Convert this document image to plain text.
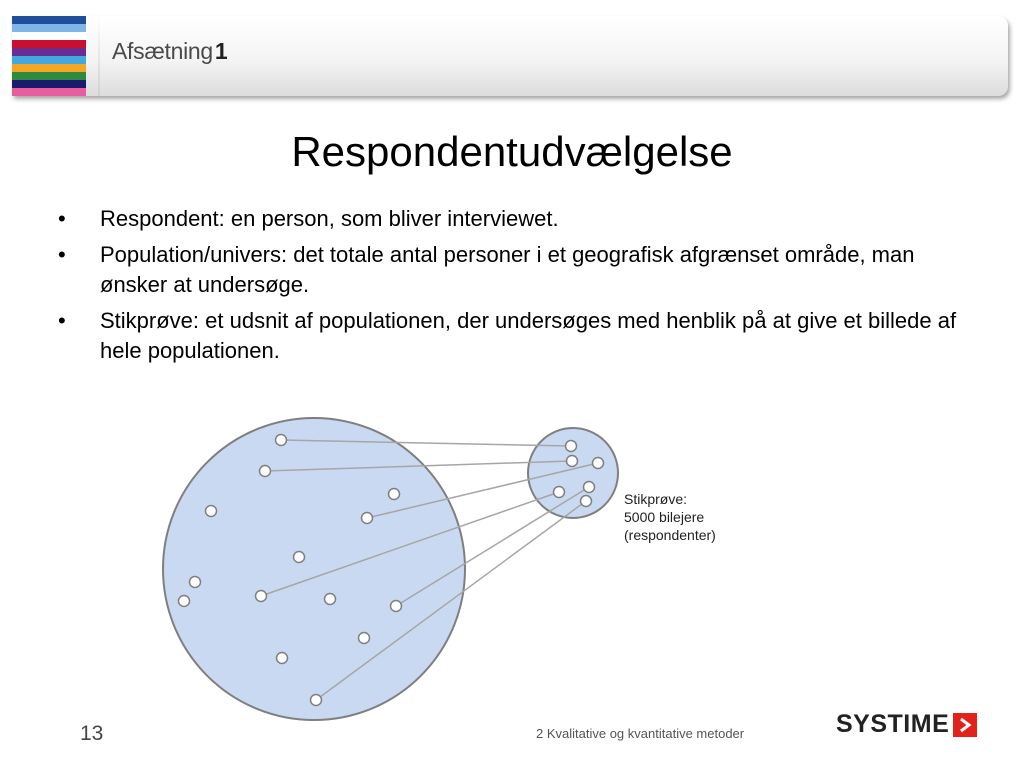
Afsætning1
Respondentudvælgelse
•	Respondent: en person, som bliver interviewet.
•	Population/univers: det totale antal personer i et geografisk afgrænset område, man ønsker at undersøge.
•	Stikprøve: et udsnit af populationen, der undersøges med henblik på at give et billede af hele populationen.
Stikprøve:
5000 bilejere
(respondenter)
13	2 Kvalitative og kvantitative metoder	SYSTIME
